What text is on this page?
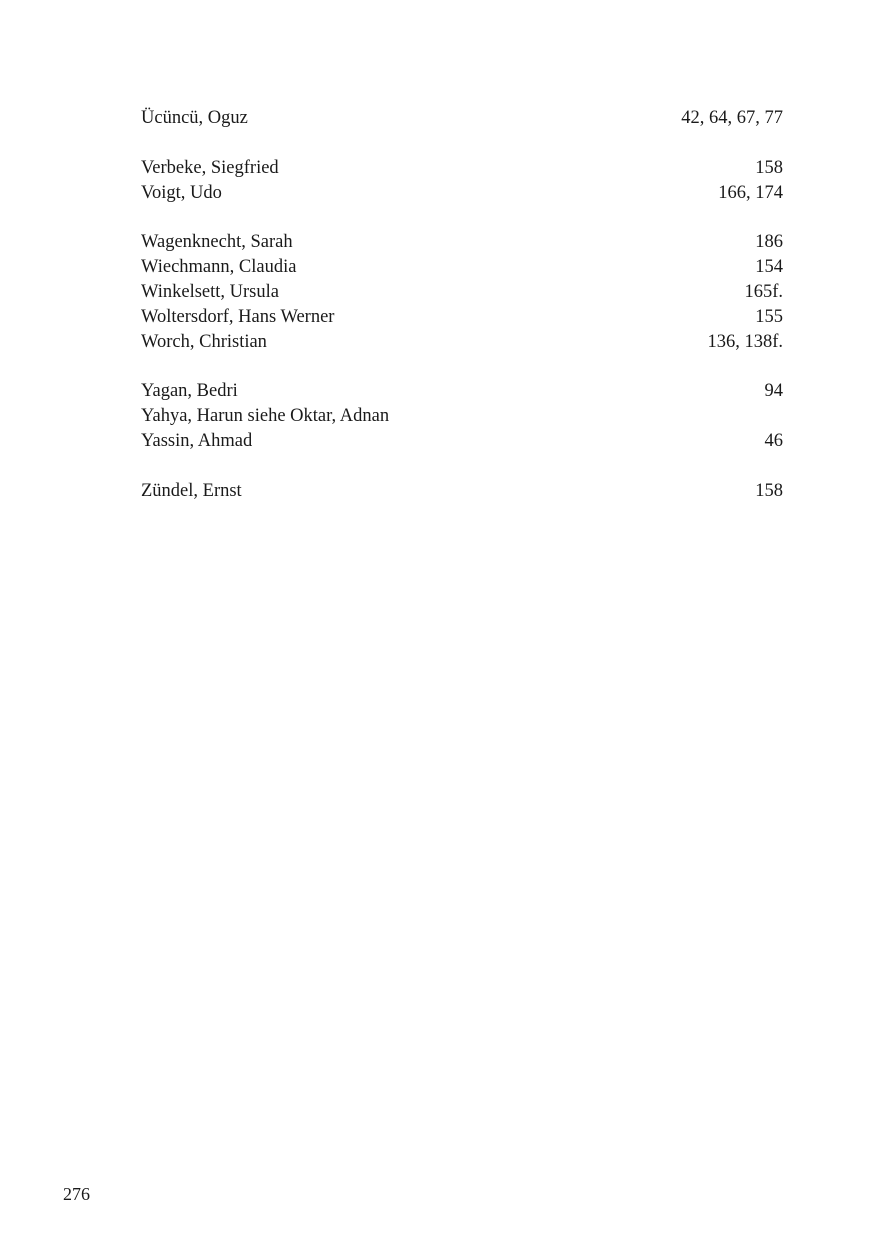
Ücüncü, Oguz	42, 64, 67, 77
Verbeke, Siegfried	158
Voigt, Udo	166, 174
Wagenknecht, Sarah	186
Wiechmann, Claudia	154
Winkelsett, Ursula	165f.
Woltersdorf, Hans Werner	155
Worch, Christian	136, 138f.
Yagan, Bedri	94
Yahya, Harun siehe Oktar, Adnan
Yassin, Ahmad	46
Zündel, Ernst	158
276
